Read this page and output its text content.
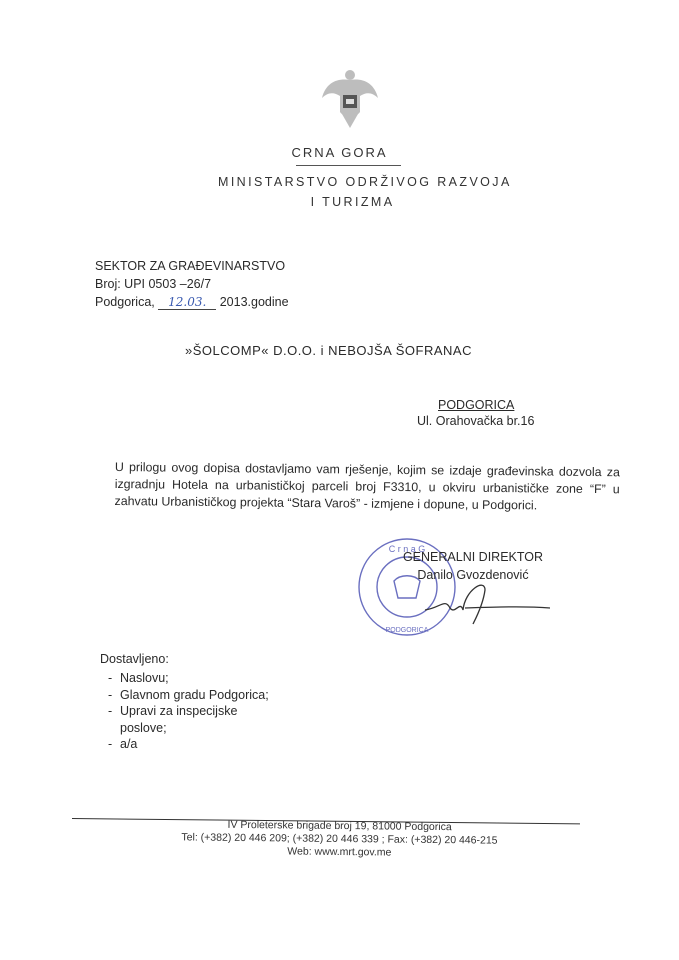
CRNA GORA
MINISTARSTVO ODRŽIVOG RAZVOJA
I TURIZMA
SEKTOR ZA GRAĐEVINARSTVO
Broj: UPI 0503 –26/7
Podgorica, 12.03. 2013.godine
»ŠOLCOMP« D.O.O. i NEBOJŠA ŠOFRANAC
PODGORICA
Ul. Orahovačka br.16
U prilogu ovog dopisa dostavljamo vam rješenje, kojim se izdaje građevinska dozvola za izgradnju Hotela na urbanističkoj parceli broj F3310, u okviru urbanističke zone “F” u zahvatu Urbanističkog projekta “Stara Varoš” - izmjene i dopune, u Podgorici.
C r n a G
PODGORICA
GENERALNI DIREKTOR
Danilo Gvozdenović
Dostavljeno:
- Naslovu;
- Glavnom gradu Podgorica;
- Upravi za inspecijske poslove;
- a/a
IV Proleterske brigade broj 19, 81000 Podgorica
Tel: (+382) 20 446 209; (+382) 20 446 339 ; Fax: (+382) 20 446-215
Web: www.mrt.gov.me
